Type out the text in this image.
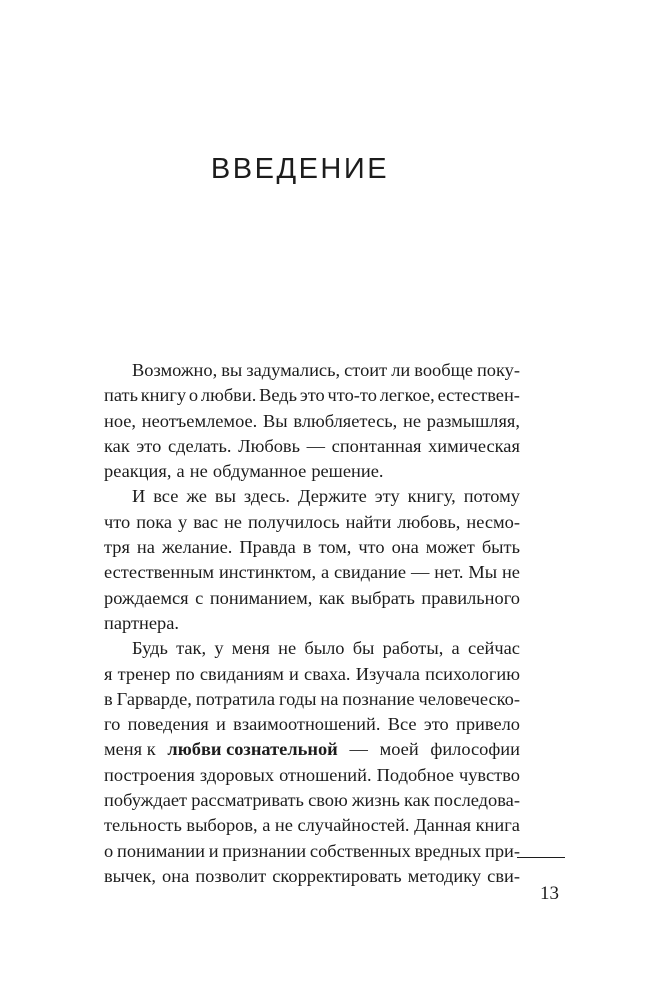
ВВЕДЕНИЕ
Возможно, вы задумались, стоит ли вообще поку-
пать книгу о любви. Ведь это что-то легкое, естествен-
ное, неотъемлемое. Вы влюбляетесь, не размышляя,
как это сделать. Любовь — спонтанная химическая
реакция, а не обдуманное решение.
И все же вы здесь. Держите эту книгу, потому
что пока у вас не получилось найти любовь, несмо-
тря на желание. Правда в том, что она может быть
естественным инстинктом, а свидание — нет. Мы не
рождаемся с пониманием, как выбрать правильного
партнера.
Будь так, у меня не было бы работы, а сейчас
я тренер по свиданиям и сваха. Изучала психологию
в Гарварде, потратила годы на познание человеческо-
го поведения и взаимоотношений. Все это привело
меня к любви сознательной — моей философии
построения здоровых отношений. Подобное чувство
побуждает рассматривать свою жизнь как последова-
тельность выборов, а не случайностей. Данная книга
о понимании и признании собственных вредных при-
вычек, она позволит скорректировать методику сви-
13
